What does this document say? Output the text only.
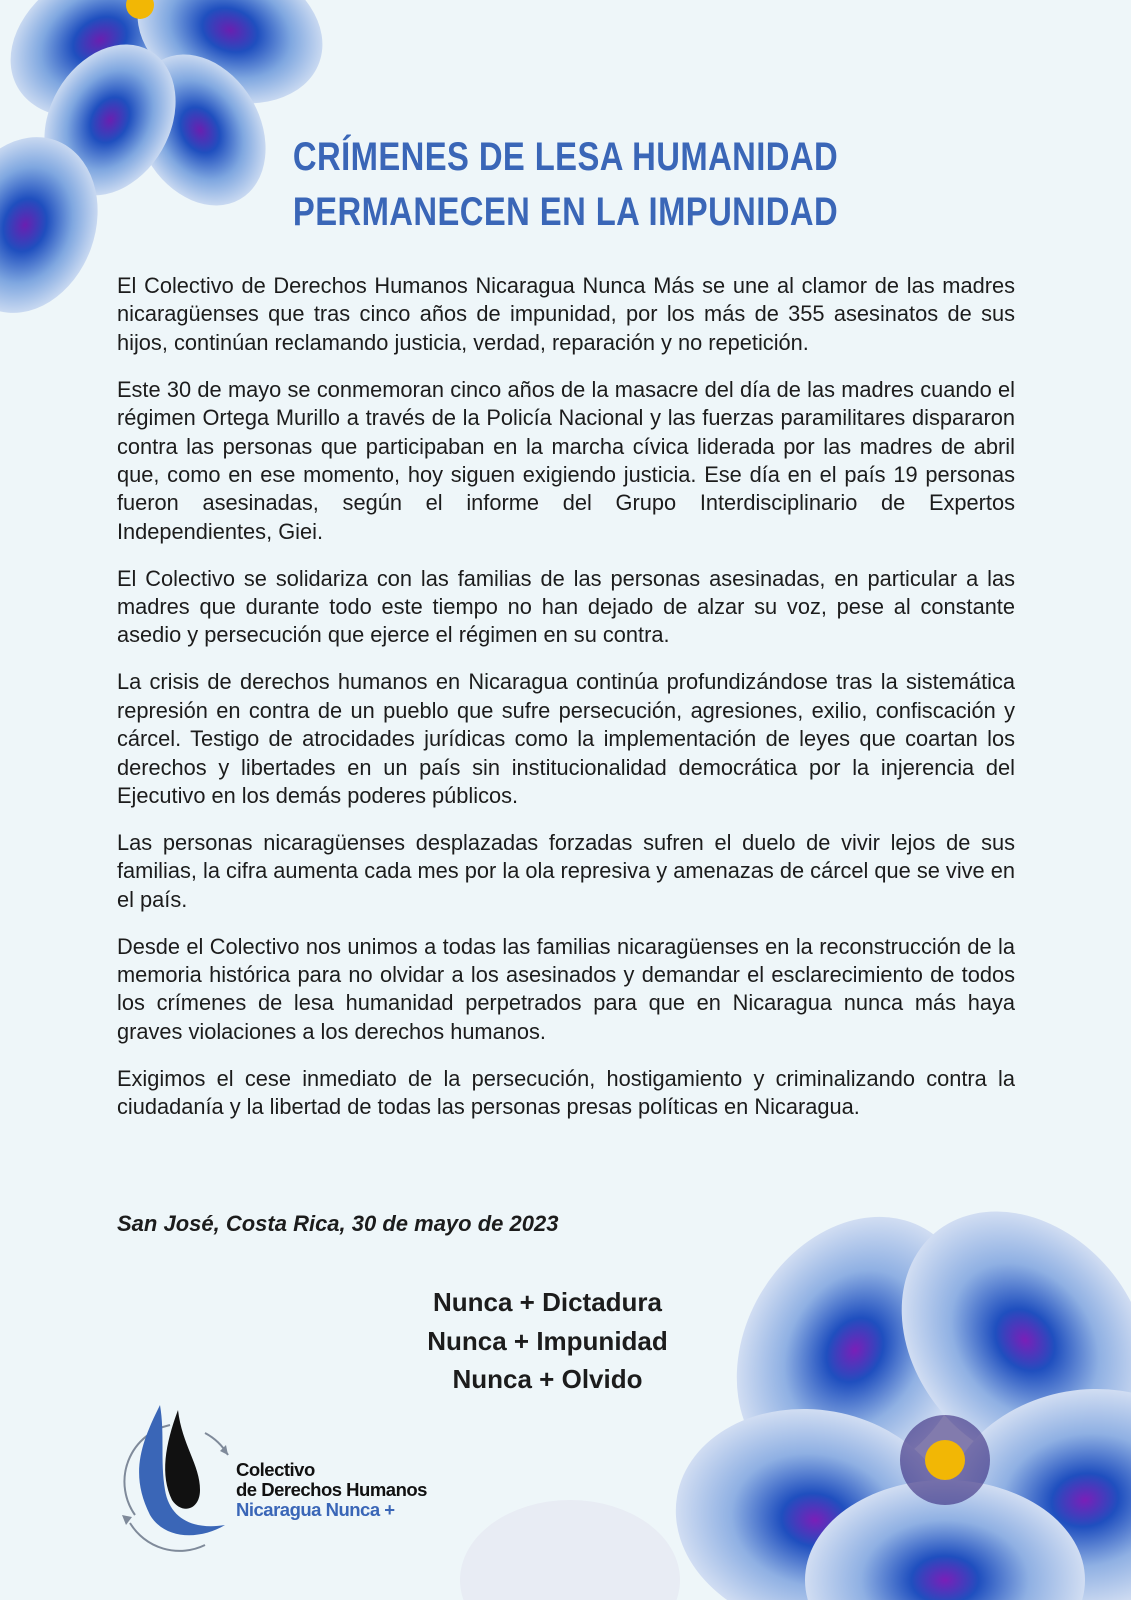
CRÍMENES DE LESA HUMANIDAD
PERMANECEN EN LA IMPUNIDAD

El Colectivo de Derechos Humanos Nicaragua Nunca Más se une al clamor de las madres nicaragüenses que tras cinco años de impunidad, por los más de 355 asesinatos de sus hijos, continúan reclamando justicia, verdad, reparación y no repetición.

Este 30 de mayo se conmemoran cinco años de la masacre del día de las madres cuando el régimen Ortega Murillo a través de la Policía Nacional y las fuerzas paramilitares dispararon contra las personas que participaban en la marcha cívica liderada por las madres de abril que, como en ese momento, hoy siguen exigiendo justicia. Ese día en el país 19 personas fueron asesinadas, según el informe del Grupo Interdisciplinario de Expertos Independientes, Giei.

El Colectivo se solidariza con las familias de las personas asesinadas, en particular a las madres que durante todo este tiempo no han dejado de alzar su voz, pese al constante asedio y persecución que ejerce el régimen en su contra.

La crisis de derechos humanos en Nicaragua continúa profundizándose tras la sistemática represión en contra de un pueblo que sufre persecución, agresiones, exilio, confiscación y cárcel. Testigo de atrocidades jurídicas como la implementación de leyes que coartan los derechos y libertades en un país sin institucionalidad democrática por la injerencia del Ejecutivo en los demás poderes públicos.

Las personas nicaragüenses desplazadas forzadas sufren el duelo de vivir lejos de sus familias, la cifra aumenta cada mes por la ola represiva y amenazas de cárcel que se vive en el país.

Desde el Colectivo nos unimos a todas las familias nicaragüenses en la reconstrucción de la memoria histórica para no olvidar a los asesinados y demandar el esclarecimiento de todos los crímenes de lesa humanidad perpetrados para que en Nicaragua nunca más haya graves violaciones a los derechos humanos.

Exigimos el cese inmediato de la persecución, hostigamiento y criminalizando contra la ciudadanía y la libertad de todas las personas presas políticas en Nicaragua.

San José, Costa Rica, 30 de mayo de 2023
Nunca + Dictadura
Nunca + Impunidad
Nunca + Olvido
Colectivo
de Derechos Humanos
Nicaragua Nunca +
